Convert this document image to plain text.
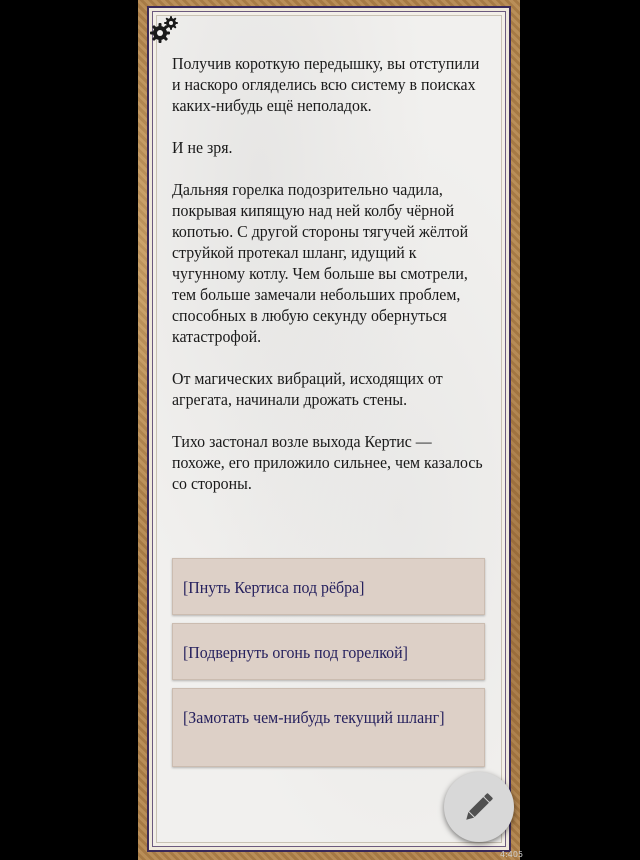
Получив короткую передышку, вы отступили и наскоро огляделиcь всю систему в поисках каких-нибудь ещё неполадок.

И не зря.

Дальняя горелка подозрительно чадила, покрывая кипящую над ней колбу чёрной копотью. С другой стороны тягучей жёлтой струйкой протекал шланг, идущий к чугунному котлу. Чем больше вы смотрели, тем больше замечали небольших проблем, способных в любую секунду обернуться катастрофой.

От магических вибраций, исходящих от агрегата, начинали дрожать стены.

Тихо застонал возле выхода Кертис — похоже, его приложило сильнее, чем казалось со стороны.

[Пнуть Кертиса под рёбра]
[Подвернуть огонь под горелкой]
[Замотать чем-нибудь текущий шланг]
4:405
